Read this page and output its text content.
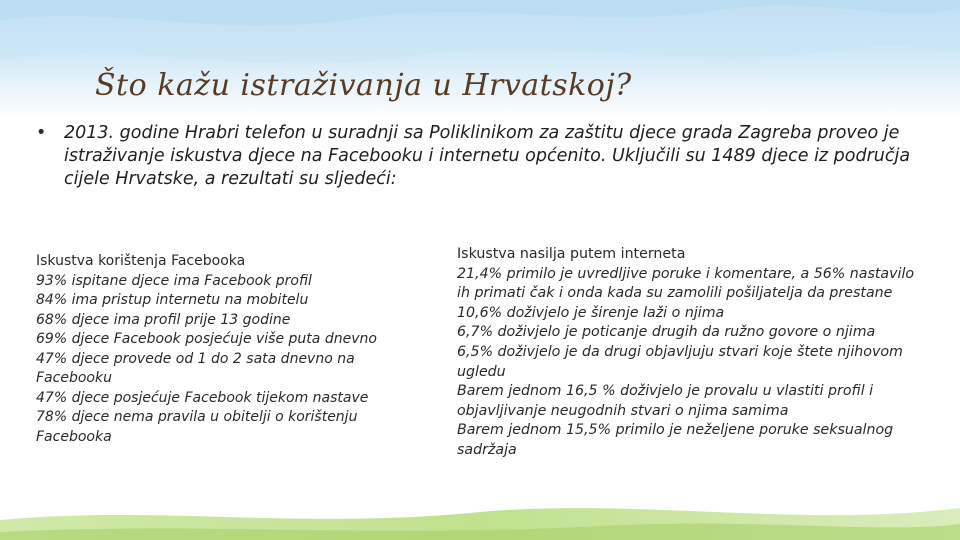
Što kažu istraživanja u Hrvatskoj?
• 2013. godine Hrabri telefon u suradnji sa Poliklinikom za zaštitu djece grada Zagreba proveo je istraživanje iskustva djece na Facebooku i internetu općenito. Uključili su 1489 djece iz područja cijele Hrvatske, a rezultati su sljedeći:
Iskustva korištenja Facebooka
93% ispitane djece ima Facebook profil
84% ima pristup internetu na mobitelu
68% djece ima profil prije 13 godine
69% djece Facebook posjećuje više puta dnevno
47% djece provede od 1 do 2 sata dnevno na Facebooku
47% djece posjećuje Facebook tijekom nastave
78% djece nema pravila u obitelji o korištenju Facebooka
Iskustva nasilja putem interneta
21,4% primilo je uvredljive poruke i komentare, a 56% nastavilo ih primati čak i onda kada su zamolili pošiljatelja da prestane
10,6% doživjelo je širenje laži o njima
6,7% doživjelo je poticanje drugih da ružno govore o njima
6,5% doživjelo je da drugi objavljuju stvari koje štete njihovom ugledu
Barem jednom 16,5 % doživjelo je provalu u vlastiti profil i objavljivanje neugodnih stvari o njima samima
Barem jednom 15,5% primilo je neželjene poruke seksualnog sadržaja
